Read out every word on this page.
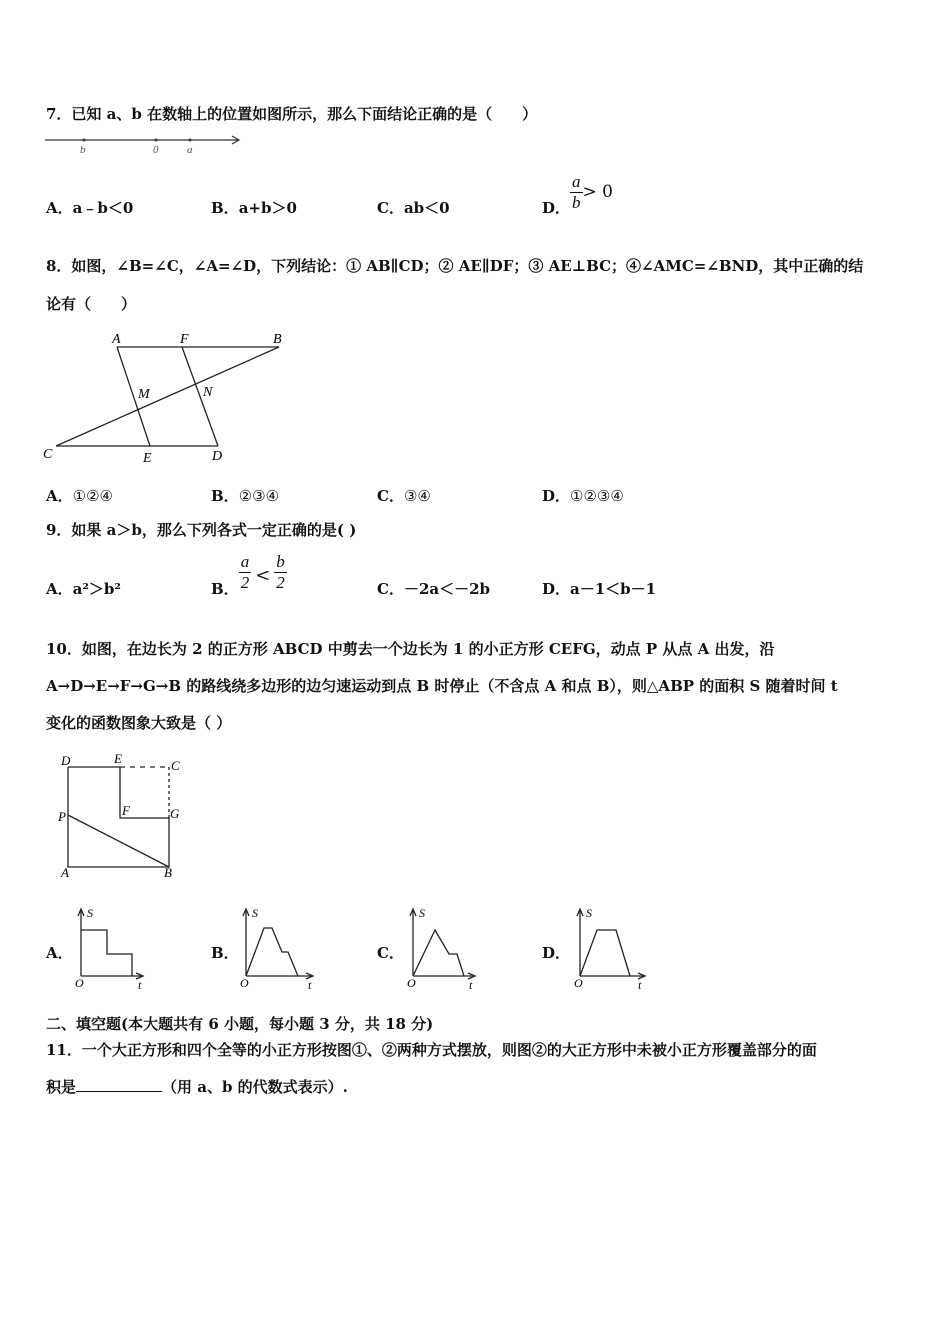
7．已知 a、b 在数轴上的位置如图所示，那么下面结论正确的是（　　）
b	0	a
A．a﹣b＜0	B．a+b＞0	C．ab＜0	D． $\frac{a}{b} > 0$
8．如图，∠B=∠C，∠A=∠D，下列结论：① AB∥CD；② AE∥DF；③ AE⊥BC；④∠AMC=∠BND，其中正确的结
论有（　　）
A	F	B
M	N
C	E	D
A．①②④	B．②③④	C．③④	D．①②③④
9．如果 a＞b，那么下列各式一定正确的是( )
A．a²＞b²	B． $\frac{a}{2} < \frac{b}{2}$	C．－2a＜－2b	D．a－1＜b－1
10．如图，在边长为 2 的正方形 ABCD 中剪去一个边长为 1 的小正方形 CEFG，动点 P 从点 A 出发，沿
A→D→E→F→G→B 的路线绕多边形的边匀速运动到点 B 时停止（不含点 A 和点 B），则△ABP 的面积 S 随着时间 t
变化的函数图象大致是（ ）
D	E	C
P	F	G
A	B
A．
S
O	t
B．
S
O	t
C．
S
O	t
D．
S
O	t
二、填空题(本大题共有 6 小题，每小题 3 分，共 18 分)
11．一个大正方形和四个全等的小正方形按图①、②两种方式摆放，则图②的大正方形中未被小正方形覆盖部分的面
积是	（用 a、b 的代数式表示）.
